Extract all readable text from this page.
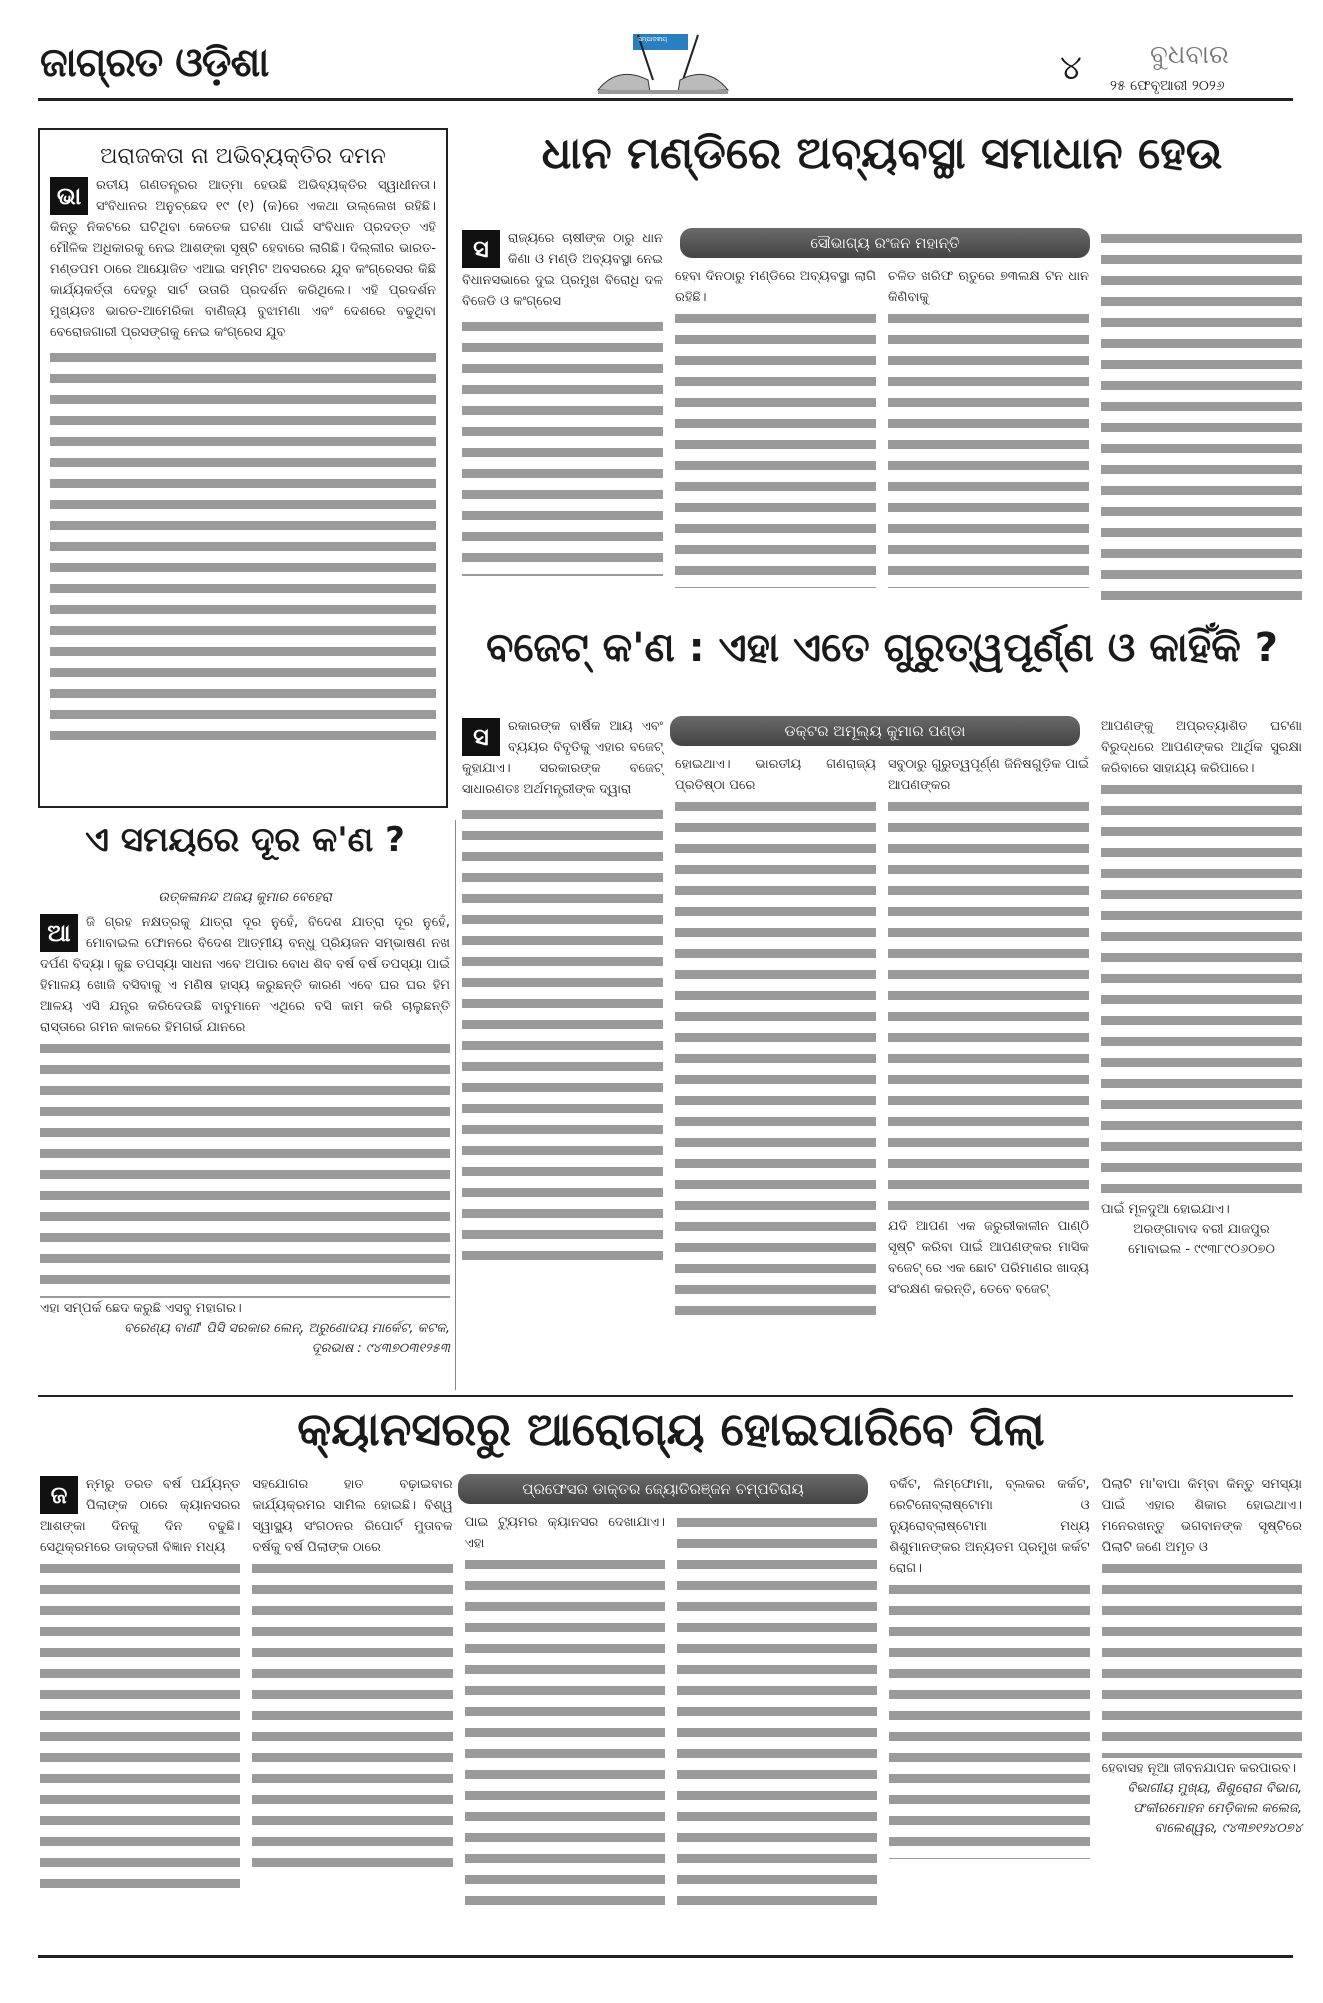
ଜାଗ୍ରତ ଓଡ଼ିଶା
ସମ୍ପାଦକୀୟ
୪	ବୁଧବାର
୨୫ ଫେବୃଆରୀ ୨୦୨୬
ଅରାଜକତା ନା ଅଭିବ୍ୟକ୍ତିର ଦମନ
ଭା	ରତୀୟ ଗଣତନ୍ତ୍ରର ଆତ୍ମା ହେଉଛି ଅଭିବ୍ୟକ୍ତିର ସ୍ୱାଧୀନତା। ସଂବିଧାନର ଅନୁଚ୍ଛେଦ ୧୯ (୧) (କ)ରେ ଏକଥା ଉଲ୍ଲେଖ ରହିଛି। କିନ୍ତୁ ନିକଟରେ ଘଟିଥିବା କେତେକ ଘଟଣା ପାଇଁ ସଂବିଧାନ ପ୍ରଦତ୍ତ ଏହି ମୌଳିକ ଅଧିକାରକୁ ନେଇ ଆଶଙ୍କା ସୃଷ୍ଟି ହେବାରେ ଲାଗିଛି। ଦିଲ୍ଲୀର ଭାରତ-ମଣ୍ଡପମ ଠାରେ ଆୟୋଜିତ ଏଆଇ ସମ୍ମିଟ ଅବସରରେ ଯୁବ କଂଗ୍ରେସର କିଛି କାର୍ଯ୍ୟକର୍ତ୍ତା ଦେହରୁ ସାର୍ଟ ଉତାରି ପ୍ରଦର୍ଶନ କରିଥିଲେ। ଏହି ପ୍ରଦର୍ଶନ ମୁଖ୍ୟତଃ ଭାରତ-ଆମେରିକା ବାଣିଜ୍ୟ ବୁଝାମଣା ଏବଂ ଦେଶରେ ବଢୁଥିବା ବେରୋଜଗାରୀ ପ୍ରସଙ୍ଗକୁ ନେଇ କଂଗ୍ରେସ ଯୁବ
ଧାନ ମଣ୍ଡିରେ ଅବ୍ୟବସ୍ଥା ସମାଧାନ ହେଉ
ସୌଭାଗ୍ୟ ରଂଜନ ମହାନ୍ତି
ସ	ରାଜ୍ୟରେ ଚାଷୀଙ୍କ ଠାରୁ ଧାନ କିଣା ଓ ମଣ୍ଡି ଅବ୍ୟବସ୍ଥା ନେଇ ବିଧାନସଭାରେ ଦୁଇ ପ୍ରମୁଖ ବିରୋଧି ଦଳ ବିଜେଡି ଓ କଂଗ୍ରେସ
ହେବା ଦିନଠାରୁ ମଣ୍ଡିରେ ଅବ୍ୟବସ୍ଥା ଲାଗି ରହିଛି।
ଚଳିତ ଖରିଫ ଋତୁରେ ୭୩ଲକ୍ଷ ଟନ ଧାନ କିଣିବାକୁ
ବଜେଟ୍ କ'ଣ : ଏହା ଏତେ ଗୁରୁତ୍ୱପୂର୍ଣ୍ଣ ଓ କାହିଁକି ?
ଡକ୍ଟର ଅମୂଲ୍ୟ କୁମାର ପଣ୍ଡା
ସ	ରକାରଙ୍କ ବାର୍ଷିକ ଆୟ ଏବଂ ବ୍ୟୟର ବିବୃତିକୁ ଏହାର ବଜେଟ୍ କୁହାଯାଏ। ସରକାରଙ୍କ ବଜେଟ୍ ସାଧାରଣତଃ ଅର୍ଥମନ୍ତ୍ରୀଙ୍କ ଦ୍ୱାରା
ହୋଇଥାଏ। ଭାରତୀୟ ଗଣରାଜ୍ୟ ପ୍ରତିଷ୍ଠା ପରେ
ସବୁଠାରୁ ଗୁରୁତ୍ୱପୂର୍ଣ୍ଣ ଜିନିଷଗୁଡ଼ିକ ପାଇଁ ଆପଣଙ୍କର
ଯଦି ଆପଣ ଏକ ଜରୁରୀକାଳୀନ ପାଣ୍ଠି ସୃଷ୍ଟି କରିବା ପାଇଁ ଆପଣଙ୍କର ମାସିକ ବଜେଟ୍ ରେ ଏକ ଛୋଟ ପରିମାଣର ଖାଦ୍ୟ ସଂରକ୍ଷଣ କରନ୍ତି, ତେବେ ବଜେଟ୍
ଆପଣଙ୍କୁ ଅପ୍ରତ୍ୟାଶିତ ଘଟଣା ବିରୁଦ୍ଧରେ ଆପଣଙ୍କର ଆର୍ଥିକ ସୁରକ୍ଷା କରିବାରେ ସାହାଯ୍ୟ କରିପାରେ।
ପାଇଁ ମୂଳଦୁଆ ହୋଇଯାଏ।
ଅରଙ୍ଗାବାଦ ବରୀ ଯାଜପୁର
ମୋବାଇଲ - ୯୯୩୮୯୦୬୦୭୦
ଏ ସମୟରେ ଦୂର କ'ଣ ?
ଉତ୍କଳାନନ୍ଦ ଅଜୟ କୁମାର ବେହେରା
ଆ	ଜି ଗ୍ରହ ନକ୍ଷତ୍ରକୁ ଯାତ୍ରା ଦୂର ନୁହେଁ, ବିଦେଶ ଯାତ୍ରା ଦୂର ନୁହେଁ, ମୋବାଇଲ ଫୋନରେ ବିଦେଶ ଆତ୍ମୀୟ ବନ୍ଧୁ ପ୍ରିୟଜନ ସମ୍ଭାଷଣ ନଖ ଦର୍ପଣ ବିଦ୍ୟା। କୁଛ ତପସ୍ୟା ସାଧନା ଏବେ ଅପାର ବୋଧ ଶିବ ବର୍ଷ ବର୍ଷ ତପସ୍ୟା ପାଇଁ ହିମାଳୟ ଖୋଜି ବସିବାକୁ ଏ ମଣିଷ ହାସ୍ୟ କରୁଛନ୍ତି କାରଣ ଏବେ ଘର ଘର ହିମ ଆଳୟ ଏସି ଯନ୍ତ୍ର କରିଦେଉଛି ବାବୁମାନେ ଏଥିରେ ବସି କାମ କରି ଚାଲୁଛନ୍ତି ରାସ୍ତାରେ ଗମନ କାଳରେ ହିମଗର୍ଭ ଯାନରେ
ଏହା ସମ୍ପର୍କ ଛେଦ କରୁଛି ଏସବୁ ମହାଗର।
ବରେଣ୍ୟ ବାଣୀ' ପିସି ସରକାର ଲେନ୍, ଅରୁଣୋଦୟ ମାର୍କେଟ, କଟକ,
ଦୂରଭାଷ : ୯୪୩୭୦୩୧୨୫୩
କ୍ୟାନସରରୁ ଆରୋଗ୍ୟ ହୋଇପାରିବେ ପିଲା
ପ୍ରଫେସର ଡାକ୍ତର ଜ୍ୟୋତିରଞ୍ଜନ ଚମ୍ପତିରାୟ
ଜ	ନ୍ମରୁ ତରତ ବର୍ଷ ପର୍ଯ୍ୟନ୍ତ ପିଲାଙ୍କ ଠାରେ କ୍ୟାନସରର ଆଶଙ୍କା ଦିନକୁ ଦିନ ବଢୁଛି। ସେଥିକ୍ରମରେ ଡାକ୍ତରୀ ବିଜ୍ଞାନ ମଧ୍ୟ
ସହଯୋଗର ହାତ ବଢ଼ାଇବାର କାର୍ଯ୍ୟକ୍ରମର ସାମିଲ ହୋଇଛି। ବିଶ୍ୱ ସ୍ୱାସ୍ଥ୍ୟ ସଂଗଠନର ରିପୋର୍ଟ ମୁତାବକ ବର୍ଷକୁ ବର୍ଷ ପିଲାଙ୍କ ଠାରେ
ପାଇ ଟ୍ୟୁମର କ୍ୟାନସର ଦେଖାଯାଏ। ଏହା
ବର୍କିଟ, ଲିମ୍ଫୋମା, ବ୍ଲକର କର୍କଟ, ରେଟିନୋବ୍ଲାଷ୍ଟୋମା ଓ ନ୍ୟୁରୋବ୍ଲାଷ୍ଟୋମା ମଧ୍ୟ ଶିଶୁମାନଙ୍କର ଅନ୍ୟତମ ପ୍ରମୁଖ କର୍କଟ ରୋଗ।
ପିଲାଟି ମା'ବାପା କିମ୍ବା କିନ୍ତୁ ସମସ୍ୟା ପାଇଁ ଏହାର ଶିକାର ହୋଇଥାଏ। ମନେରଖନ୍ତୁ ଭଗବାନଙ୍କ ସୃଷ୍ଟିରେ ପିଲାଟି ଜଣେ ଅମୃତ ଓ
ହେବାସହ ନୂଆ ଜୀବନଯାପନ କରପାରବ।
ବିଭାଗୀୟ ମୁଖ୍ୟ, ଶିଶୁରୋଗ ବିଭାଗ,
ଫକୀରମୋହନ ମେଡ଼ିକାଲ କଲେଜ,
ବାଲେଶ୍ୱର, ୯୪୩୭୧୨୪୦୭୪
